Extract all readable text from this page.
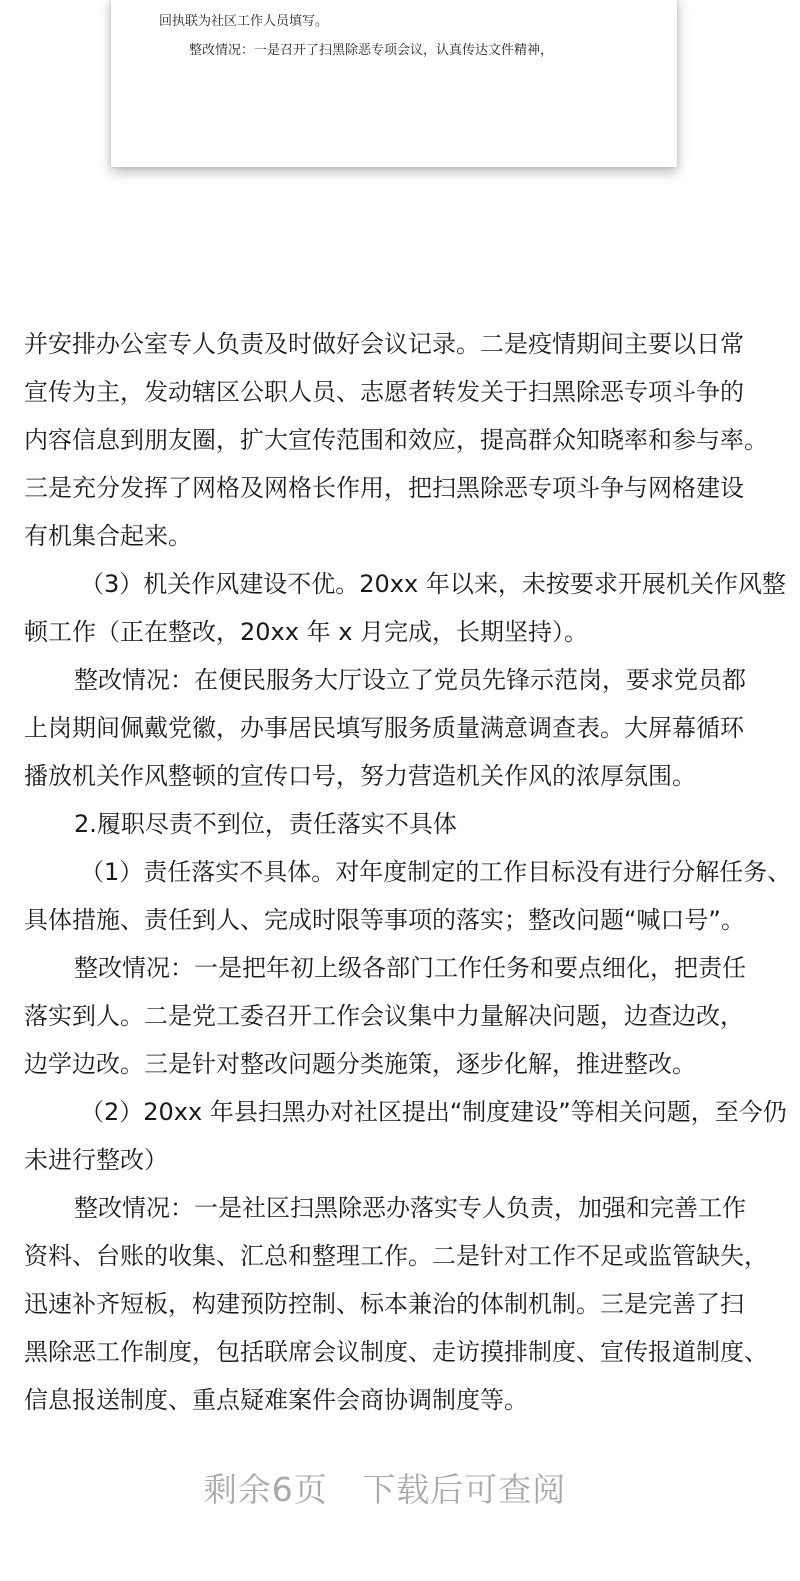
回执联为社区工作人员填写。
整改情况：一是召开了扫黑除恶专项会议，认真传达文件精神，
并安排办公室专人负责及时做好会议记录。二是疫情期间主要以日常
宣传为主，发动辖区公职人员、志愿者转发关于扫黑除恶专项斗争的
内容信息到朋友圈，扩大宣传范围和效应，提高群众知晓率和参与率。
三是充分发挥了网格及网格长作用，把扫黑除恶专项斗争与网格建设
有机集合起来。
（3）机关作风建设不优。20xx 年以来，未按要求开展机关作风整
顿工作（正在整改，20xx 年 x 月完成，长期坚持）。
整改情况：在便民服务大厅设立了党员先锋示范岗，要求党员都
上岗期间佩戴党徽，办事居民填写服务质量满意调查表。大屏幕循环
播放机关作风整顿的宣传口号，努力营造机关作风的浓厚氛围。
2.履职尽责不到位，责任落实不具体
（1）责任落实不具体。对年度制定的工作目标没有进行分解任务、
具体措施、责任到人、完成时限等事项的落实；整改问题“喊口号”。
整改情况：一是把年初上级各部门工作任务和要点细化，把责任
落实到人。二是党工委召开工作会议集中力量解决问题，边查边改，
边学边改。三是针对整改问题分类施策，逐步化解，推进整改。
（2）20xx 年县扫黑办对社区提出“制度建设”等相关问题，至今仍
未进行整改）
整改情况：一是社区扫黑除恶办落实专人负责，加强和完善工作
资料、台账的收集、汇总和整理工作。二是针对工作不足或监管缺失，
迅速补齐短板，构建预防控制、标本兼治的体制机制。三是完善了扫
黑除恶工作制度，包括联席会议制度、走访摸排制度、宣传报道制度、
信息报送制度、重点疑难案件会商协调制度等。
剩余6页   下载后可查阅
